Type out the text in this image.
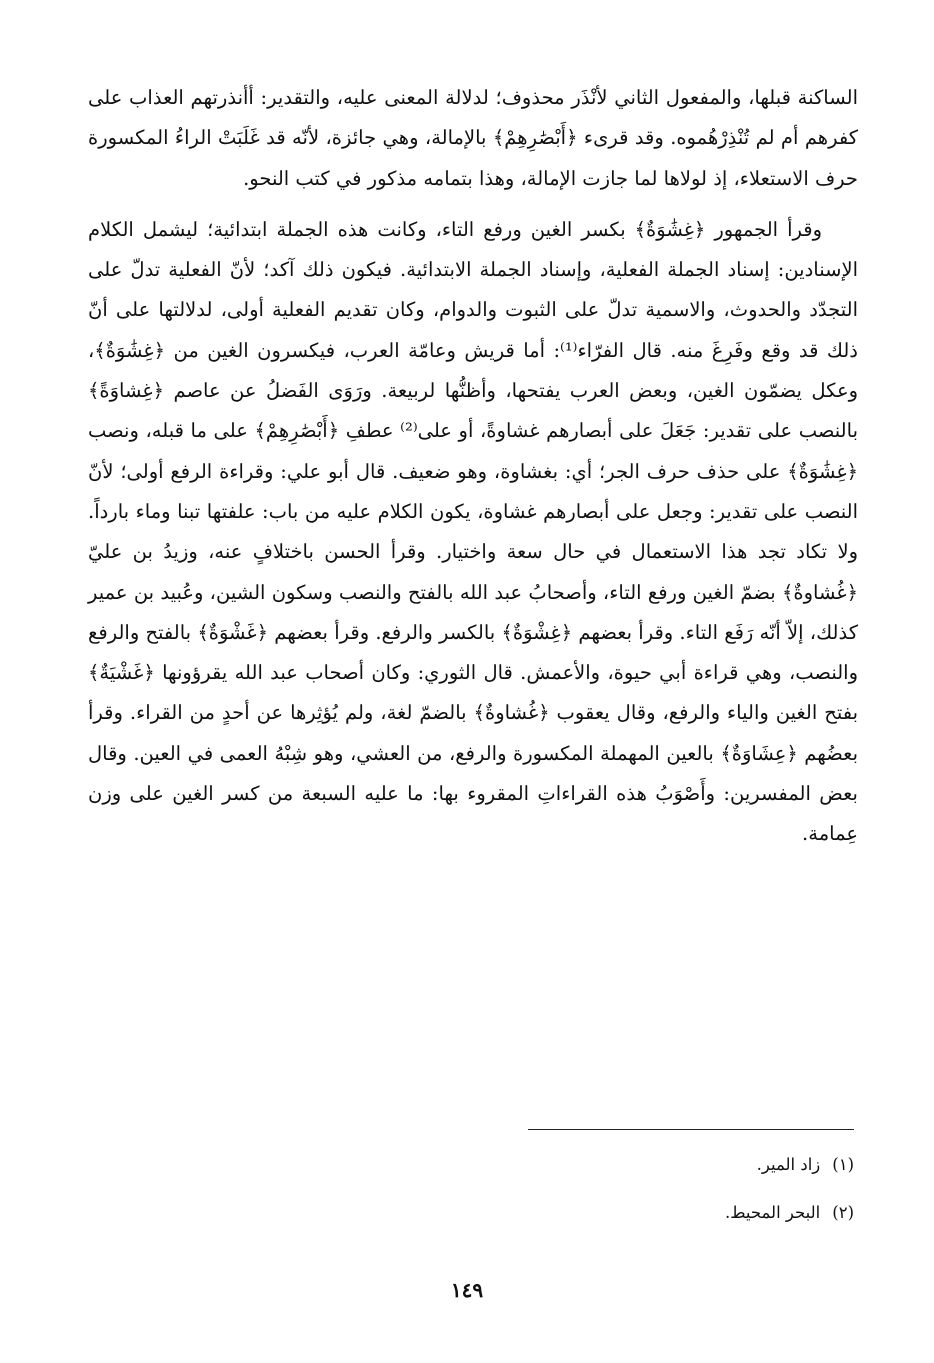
الساكنة قبلها، والمفعول الثاني لأنْذَر محذوف؛ لدلالة المعنى عليه، والتقدير: أأنذرتهم العذاب على كفرهم أم لم تُنْذِرْهُموه. وقد قرىء ﴿أَبْصَٰرِهِمْ﴾ بالإمالة، وهي جائزة، لأنّه قد غَلَبَتْ الراءُ المكسورة حرف الاستعلاء، إذ لولاها لما جازت الإمالة، وهذا بتمامه مذكور في كتب النحو.

وقرأ الجمهور ﴿غِشَٰوَةٌ﴾ بكسر الغين ورفع التاء، وكانت هذه الجملة ابتدائية؛ ليشمل الكلام الإسنادين: إسناد الجملة الفعلية، وإسناد الجملة الابتدائية. فيكون ذلك آكد؛ لأنّ الفعلية تدلّ على التجدّد والحدوث، والاسمية تدلّ على الثبوت والدوام، وكان تقديم الفعلية أولى، لدلالتها على أنّ ذلك قد وقع وفَرِغَ منه. قال الفرّاء⁽¹⁾: أما قريش وعامّة العرب، فيكسرون الغين من ﴿غِشَٰوَةٌ﴾، وعكل يضمّون الغين، وبعض العرب يفتحها، وأظنُّها لربيعة. ورَوَى الفَضلُ عن عاصم ﴿غِشاوَةً﴾ بالنصب على تقدير: جَعَلَ على أبصارهم غشاوةً، أو على⁽²⁾ عطفِ ﴿أَبْصَٰرِهِمْ﴾ على ما قبله، ونصب ﴿غِشَٰوَةٌ﴾ على حذف حرف الجر؛ أي: بغشاوة، وهو ضعيف. قال أبو علي: وقراءة الرفع أولى؛ لأنّ النصب على تقدير: وجعل على أبصارهم غشاوة، يكون الكلام عليه من باب: علفتها تبنا وماء بارداً. ولا تكاد تجد هذا الاستعمال في حال سعة واختيار. وقرأ الحسن باختلافٍ عنه، وزيدُ بن عليّ ﴿غُشاوةٌ﴾ بضمّ الغين ورفع التاء، وأصحابُ عبد الله بالفتح والنصب وسكون الشين، وعُبيد بن عمير كذلك، إلاّ أنّه رَفَع التاء. وقرأ بعضهم ﴿غِشْوَةٌ﴾ بالكسر والرفع. وقرأ بعضهم ﴿غَشْوَةٌ﴾ بالفتح والرفع والنصب، وهي قراءة أبي حيوة، والأعمش. قال الثوري: وكان أصحاب عبد الله يقرؤونها ﴿غَشْيَةٌ﴾ بفتح الغين والياء والرفع، وقال يعقوب ﴿غُشاوةٌ﴾ بالضمّ لغة، ولم يُؤثِرها عن أحدٍ من القراء. وقرأ بعضُهم ﴿عِشَاوَةٌ﴾ بالعين المهملة المكسورة والرفع، من العشي، وهو شِبْهُ العمى في العين. وقال بعض المفسرين: وأَصْوَبُ هذه القراءاتِ المقروء بها: ما عليه السبعة من كسر الغين على وزن عِمامة.

(١)زاد المير.

(٢)البحر المحيط.

١٤٩
